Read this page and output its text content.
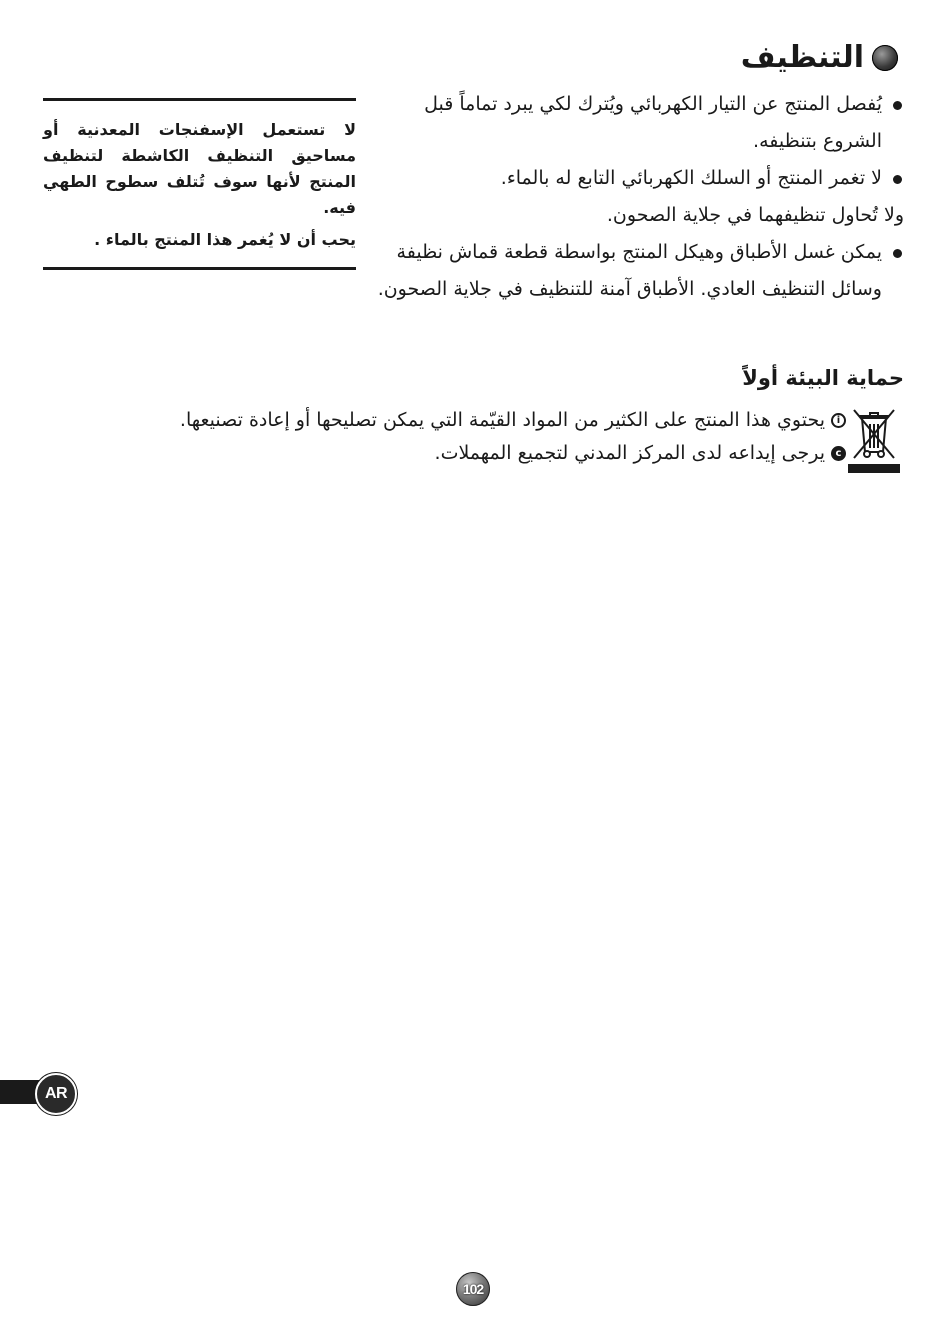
التنظيف
يُفصل المنتج عن التيار الكهربائي ويُترك لكي يبرد تماماً قبل الشروع بتنظيفه.
لا تغمر المنتج أو السلك الكهربائي التابع له بالماء.
ولا تُحاول تنظيفهما في جلاية الصحون.
يمكن غسل الأطباق وهيكل المنتج بواسطة قطعة قماش نظيفة وسائل التنظيف العادي. الأطباق آمنة للتنظيف في جلاية الصحون.

لا تستعمل الإسفنجات المعدنية أو مساحيق التنظيف الكاشطة لتنظيف المنتج لأنها سوف تُتلف سطوح الطهي فيه.

يحب أن لا يُغمر هذا المنتج بالماء .

حماية البيئة أولاً
i
يحتوي هذا المنتج على الكثير من المواد القيّمة التي يمكن تصليحها أو إعادة تصنيعها.
c
يرجى إيداعه لدى المركز المدني لتجميع المهملات.
AR
102
